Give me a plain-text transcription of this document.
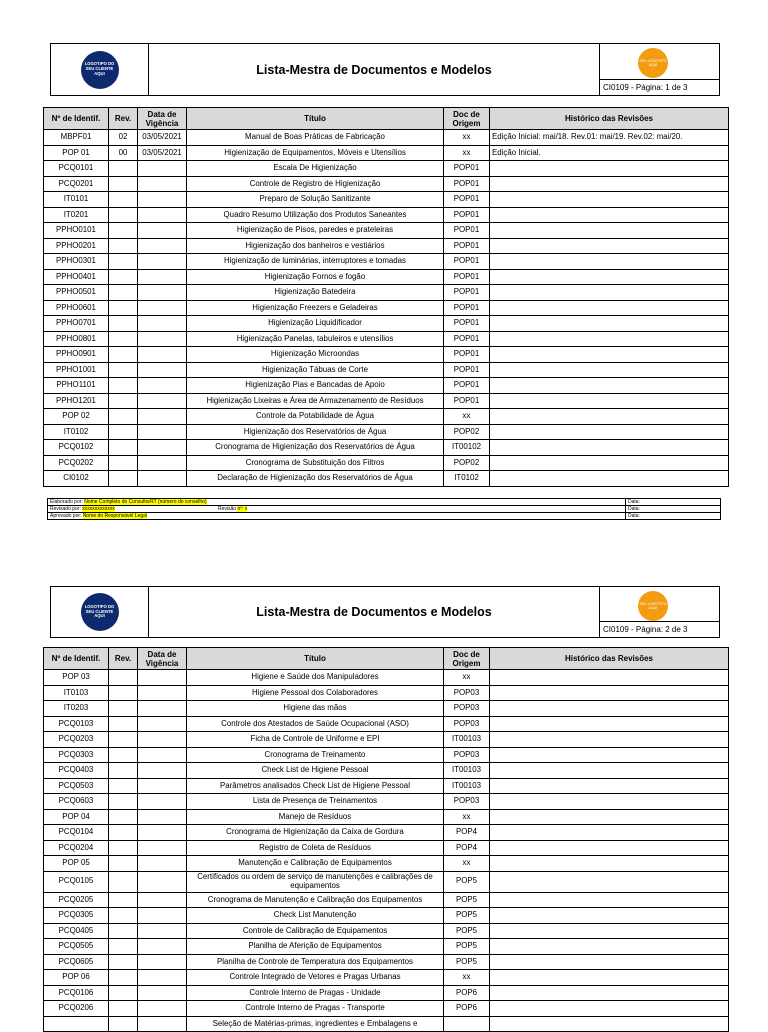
LOGOTIPO DO SEU CLIENTE AQUI	Lista-Mestra de Documentos e Modelos
SEU LOGOTIPO AQUI
CI0109 - Página: 1 de 3
Nº de Identif.	Rev.	Data de Vigência	Título	Doc de Origem	Histórico das Revisões
MBPF01	02	03/05/2021	Manual de Boas Práticas de Fabricação	xx	Edição Inicial: mai/18. Rev.01: mai/19. Rev.02: mai/20.
POP 01	00	03/05/2021	Higienização de Equipamentos, Móveis e Utensílios	xx	Edição Inicial.
PCQ0101			Escala De Higienização	POP01	
PCQ0201			Controle de Registro de Higienização	POP01	
IT0101			Preparo de Solução Sanitizante	POP01	
IT0201			Quadro Resumo Utilização dos Produtos Saneantes	POP01	
PPHO0101			Higienização de Pisos, paredes e prateleiras	POP01	
PPHO0201			Higienização dos banheiros e vestiários	POP01	
PPHO0301			Higienização de luminárias, interruptores e tomadas	POP01	
PPHO0401			Higienização Fornos e fogão	POP01	
PPHO0501			Higienização Batedeira	POP01	
PPHO0601			Higienização Freezers e Geladeiras	POP01	
PPHO0701			Higienização Liquidificador	POP01	
PPHO0801			Higienização Panelas, tabuleiros e utensílios	POP01	
PPHO0901			Higienização Microondas	POP01	
PPHO1001			Higienização Tábuas de Corte	POP01	
PPHO1101			Higienização Pias e Bancadas de Apoio	POP01	
PPHO1201			Higienização Lixeiras e Área de Armazenamento de Resíduos	POP01	
POP 02			Controle da Potabilidade de Água	xx	
IT0102			Higienização dos Reservatórios de Água	POP02	
PCQ0102			Cronograma de Higienização dos Reservatórios de Água	IT00102	
PCQ0202			Cronograma de Substituição dos Filtros	POP02	
CI0102			Declaração de Higienização dos Reservatórios de Água	IT0102	
Elaborado por: Nome Completo do ConsultorRT (número do conselho)	Data:
Revisado por: xxxxxxxxxxxxx	Revisão nº: x	Data:
Aprovado por: Nome do Responsável Legal	Data:
LOGOTIPO DO SEU CLIENTE AQUI	Lista-Mestra de Documentos e Modelos
SEU LOGOTIPO AQUI
CI0109 - Página: 2 de 3
Nº de Identif.	Rev.	Data de Vigência	Título	Doc de Origem	Histórico das Revisões
POP 03			Higiene e Saúde dos Manipuladores	xx	
IT0103			Higiene Pessoal dos Colaboradores	POP03	
IT0203			Higiene das mãos	POP03	
PCQ0103			Controle dos Atestados de Saúde Ocupacional (ASO)	POP03	
PCQ0203			Ficha de Controle de Uniforme e EPI	IT00103	
PCQ0303			Cronograma de Treinamento	POP03	
PCQ0403			Check List de Higiene Pessoal	IT00103	
PCQ0503			Parâmetros analisados Check List de Higiene Pessoal	IT00103	
PCQ0603			Lista de Presença de Treinamentos	POP03	
POP 04			Manejo de Resíduos	xx	
PCQ0104			Cronograma de Higienização da Caixa de Gordura	POP4	
PCQ0204			Registro de Coleta de Resíduos	POP4	
POP 05			Manutenção e Calibração de Equipamentos	xx	
PCQ0105			Certificados ou ordem de serviço de manutenções e calibrações de equipamentos	POP5	
PCQ0205			Cronograma de Manutenção e Calibração dos Equipamentos	POP5	
PCQ0305			Check List Manutenção	POP5	
PCQ0405			Controle de Calibração de Equipamentos	POP5	
PCQ0505			Planilha de Aferição de Equipamentos	POP5	
PCQ0605			Planilha de Controle de Temperatura dos Equipamentos	POP5	
POP 06			Controle Integrado de Vetores e Pragas Urbanas	xx	
PCQ0106			Controle Interno de Pragas - Unidade	POP6	
PCQ0206			Controle Interno de Pragas - Transporte	POP6	
			Seleção de Matérias-primas, ingredientes e Embalagens e		
